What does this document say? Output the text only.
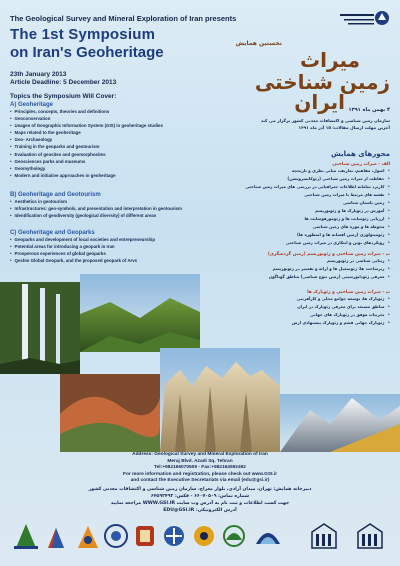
The Geological Survey and Mineral Exploration of Iran presents
The 1st Symposium
on Iran's Geoheritage
23th January 2013
Article Deadline: 5 December 2013
Topics the Symposium Will Cover:
A) Geoheritage
• Principles, concepts, theories and definitions
• Geoconservation
• Usages of Geographic Information System (GIS) in geoheritage studies
• Maps related to the geoheritage
• Geo- Archaeology
• Training in the geoparks and geotourism
• Evaluation of geosites and geomorphosites
• Geosciences parks and museums
• Geomythology
• Modern and initiative approaches in geoheritage
B) Geoheritage and Geotourism
• Aesthetics in geotourism
• Infrastructures: geo-symbols, and presentation and interpretation in geotourism
• Identification of geodiversity (geological diversity) of different areas
C) Geoheritage and Geoparks
• Geoparks and development of local societies and entrepreneurship
• Potential areas for introducing a geopark in Iran
• Prosperous experiences of global geoparks
• Qeshm Global Geopark, and the proposed geopark of Arvs
نخستین همایش
میراث
زمین شناختی
ایران ۴ بهمن ماه ۱۳۹۱
سازمان زمین شناسی و اکتشافات معدنی کشور برگزار می کند
آخرین مهلت ارسال مقالات: ۱۵ آذر ماه ۱۳۹۱
محورهای همایش
الف - میراث زمین شناختی
• اصول، مفاهیم، تعاریف، مبانی نظری و تاریخچه
• حفاظت از میراث زمین شناختی (زئوکانسرویشن)
• کاربرد سامانه اطلاعات جغرافیایی در بررسی های میراث زمین شناختی
• نقشه های مرتبط با میراث زمین شناختی
• زمین باستان شناسی
• آموزش در ژئوپارک ها و ژئوتوریسم
• ارزیابی ژئوسایت ها و ژئومورفوسایت ها
• محوطه ها و موزه های زمین شناسی
• ژئومیتولوژی (زمین افسانه ها و اسطوره ها)
• رویکردهای نوین و ابتکاری در میراث زمین شناختی
ب - میراث زمین شناختی و ژئوتوریسم (زمین گردشگری)
• زیبایی شناسی در ژئوتوریسم
• زیرساخت ها: ژئوسمبل ها و ارائه و تفسیر در ژئوتوریسم
• معرفی ژئودایورسیتی (زمین تنوع شناسی) مناطق گوناگون
پ - میراث زمین شناختی و ژئوپارک ها
• ژئوپارک ها، توسعه جوامع محلی و کارآفرینی
• مناطق مستعد برای معرفی ژئوپارک در ایران
• تجربیات موفق در ژئوپارک های جهانی
• ژئوپارک جهانی قشم و ژئوپارک پیشنهادی ارس
Address: Geological Survey and Mineral Exploration of Iran
Meraj Blvd. Azadi Sq. Tehran
Tel:+982166070509 - Fax:+982164592492
For more information and registration, please check out www.GSI.ir
and contact the Executive Secretariats via email (edu@gsi.ir)
دبیرخانه همایش: تهران، میدان آزادی، بلوار معراج، سازمان زمین شناسی و اکتشافات معدنی کشور
شماره تماس: ۶۶۰۷۰۵۰۹ - فکس: ۶۴۵۹۲۴۹۲
جهت کسب اطلاعات و ثبت نام به آدرس وب سایت WWW.GSI.IR مراجعه نمایید
آدرس الکترونیکی: EDU@GSI.IR
